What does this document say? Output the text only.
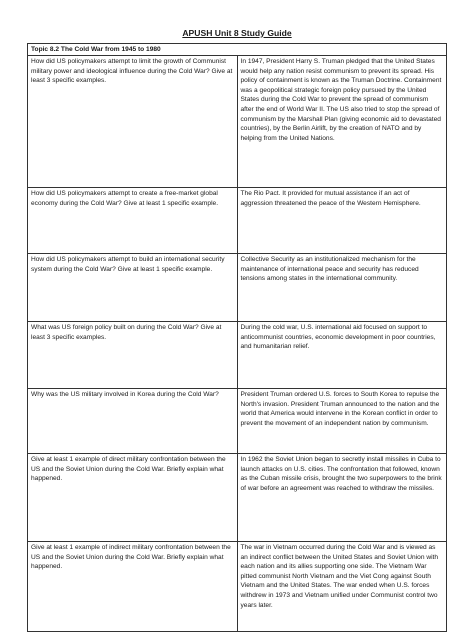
APUSH Unit 8 Study Guide
Topic 8.2 The Cold War from 1945 to 1980	
How did US policymakers attempt to limit the growth of Communist military power and ideological influence during the Cold War? Give at least 3 specific examples.	In 1947, President Harry S. Truman pledged that the United States would help any nation resist communism to prevent its spread. His policy of containment is known as the Truman Doctrine. Containment was a geopolitical strategic foreign policy pursued by the United States during the Cold War to prevent the spread of communism after the end of World War II. The US also tried to stop the spread of communism by the Marshall Plan (giving economic aid to devastated countries), by the Berlin Airlift, by the creation of NATO and by helping from the United Nations.
How did US policymakers attempt to create a free-market global economy during the Cold War? Give at least 1 specific example.	The Rio Pact. It provided for mutual assistance if an act of aggression threatened the peace of the Western Hemisphere.
How did US policymakers attempt to build an international security system during the Cold War? Give at least 1 specific example.	Collective Security as an institutionalized mechanism for the maintenance of international peace and security has reduced tensions among states in the international community.
What was US foreign policy built on during the Cold War? Give at least 3 specific examples.	During the cold war, U.S. international aid focused on support to anticommunist countries, economic development in poor countries, and humanitarian relief.
Why was the US military involved in Korea during the Cold War?	President Truman ordered U.S. forces to South Korea to repulse the North's invasion. President Truman announced to the nation and the world that America would intervene in the Korean conflict in order to prevent the movement of an independent nation by communism.
Give at least 1 example of direct military confrontation between the US and the Soviet Union during the Cold War. Briefly explain what happened.	In 1962 the Soviet Union began to secretly install missiles in Cuba to launch attacks on U.S. cities. The confrontation that followed, known as the Cuban missile crisis, brought the two superpowers to the brink of war before an agreement was reached to withdraw the missiles.
Give at least 1 example of indirect military confrontation between the US and the Soviet Union during the Cold War. Briefly explain what happened.	The war in Vietnam occurred during the Cold War and is viewed as an indirect conflict between the United States and Soviet Union with each nation and its allies supporting one side. The Vietnam War pitted communist North Vietnam and the Viet Cong against South Vietnam and the United States. The war ended when U.S. forces withdrew in 1973 and Vietnam unified under Communist control two years later.
